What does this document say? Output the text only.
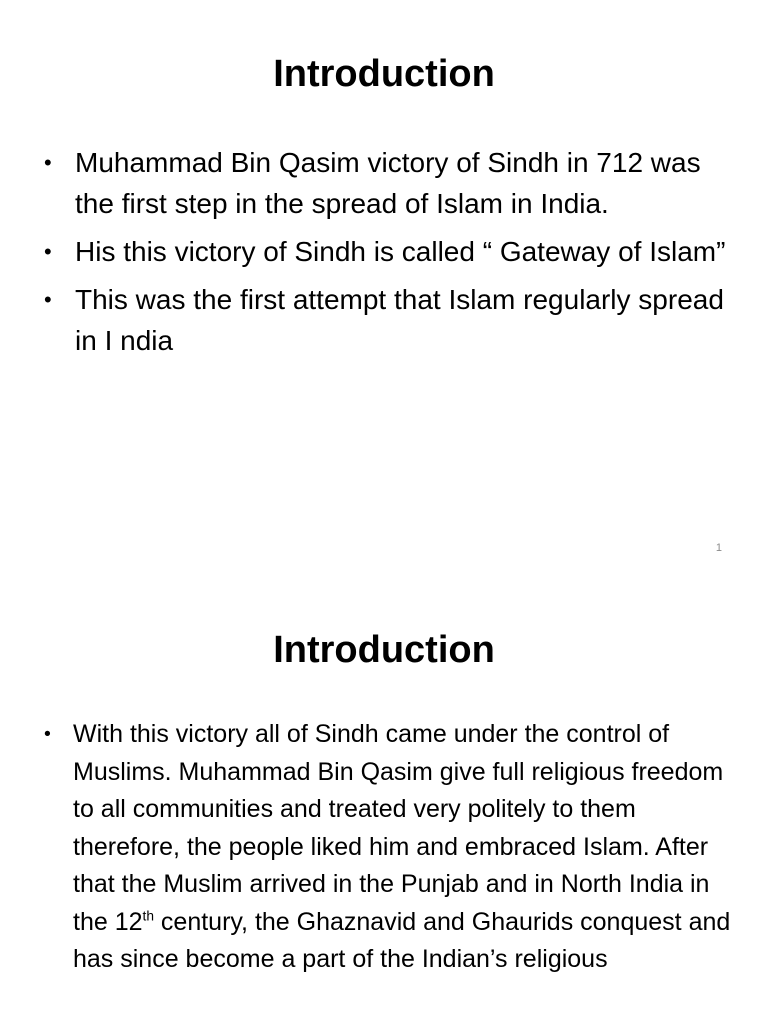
Introduction
• Muhammad Bin Qasim victory of Sindh in 712 was the first step in the spread of Islam in India.
• His this victory of Sindh is called “ Gateway of Islam”
• This was the first attempt that Islam regularly spread in I ndia
1
Introduction
• With this victory all of Sindh came under the control of Muslims. Muhammad Bin Qasim give full religious freedom to all communities and treated very politely to them therefore, the people liked him and embraced Islam. After that the Muslim arrived in the Punjab and in North India in the 12th century, the Ghaznavid and Ghaurids conquest and has since become a part of the Indian’s religious
